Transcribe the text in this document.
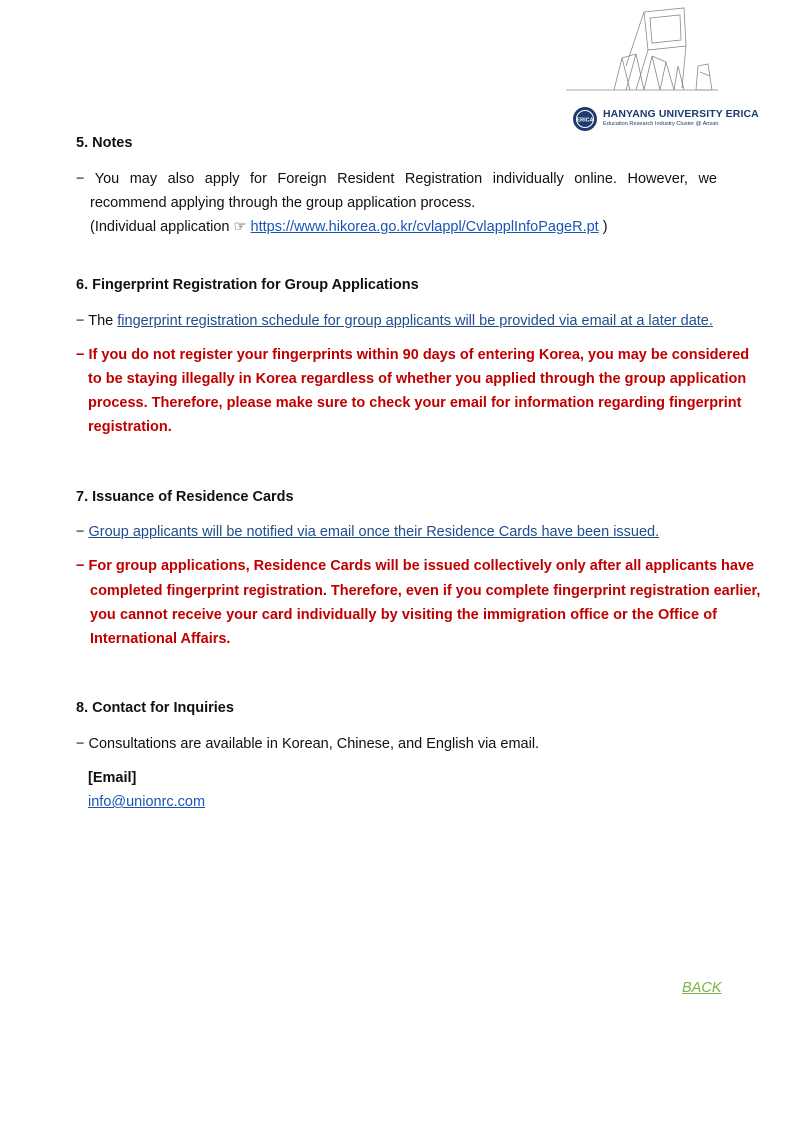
ERICA
HANYANG UNIVERSITY ERICA
Education Research Industry Cluster @ Ansan
5. Notes
− You may also apply for Foreign Resident Registration individually online. However, we
recommend applying through the group application process.
(Individual application ☞ https://www.hikorea.go.kr/cvlappl/CvlapplInfoPageR.pt )
6. Fingerprint Registration for Group Applications
− The fingerprint registration schedule for group applicants will be provided via email at a later date.
− If you do not register your fingerprints within 90 days of entering Korea, you may be considered
to be staying illegally in Korea regardless of whether you applied through the group application
process. Therefore, please make sure to check your email for information regarding fingerprint
registration.
7. Issuance of Residence Cards
− Group applicants will be notified via email once their Residence Cards have been issued.
− For group applications, Residence Cards will be issued collectively only after all applicants have
completed fingerprint registration. Therefore, even if you complete fingerprint registration earlier,
you cannot receive your card individually by visiting the immigration office or the Office of
International Affairs.
8. Contact for Inquiries
− Consultations are available in Korean, Chinese, and English via email.
[Email]
info@unionrc.com
BACK
